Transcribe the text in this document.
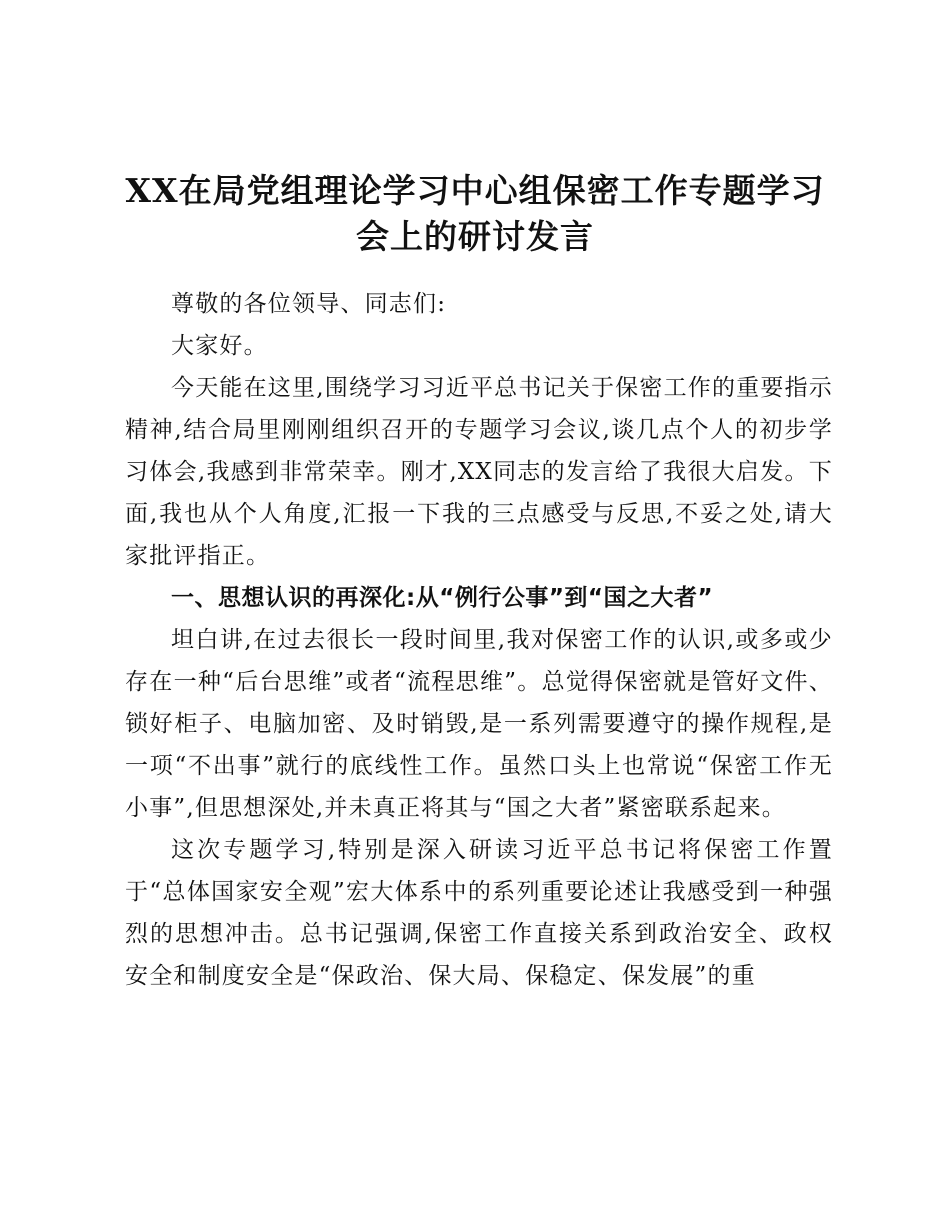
XX在局党组理论学习中心组保密工作专题学习
会上的研讨发言

尊敬的各位领导、同志们:

大家好。

今天能在这里,围绕学习习近平总书记关于保密工作的重要指示精神,结合局里刚刚组织召开的专题学习会议,谈几点个人的初步学习体会,我感到非常荣幸。刚才,XX同志的发言给了我很大启发。下面,我也从个人角度,汇报一下我的三点感受与反思,不妥之处,请大家批评指正。

一、思想认识的再深化:从“例行公事”到“国之大者”

坦白讲,在过去很长一段时间里,我对保密工作的认识,或多或少存在一种“后台思维”或者“流程思维”。总觉得保密就是管好文件、锁好柜子、电脑加密、及时销毁,是一系列需要遵守的操作规程,是一项“不出事”就行的底线性工作。虽然口头上也常说“保密工作无小事”,但思想深处,并未真正将其与“国之大者”紧密联系起来。

这次专题学习,特别是深入研读习近平总书记将保密工作置于“总体国家安全观”宏大体系中的系列重要论述让我感受到一种强烈的思想冲击。总书记强调,保密工作直接关系到政治安全、政权安全和制度安全是“保政治、保大局、保稳定、保发展”的重
